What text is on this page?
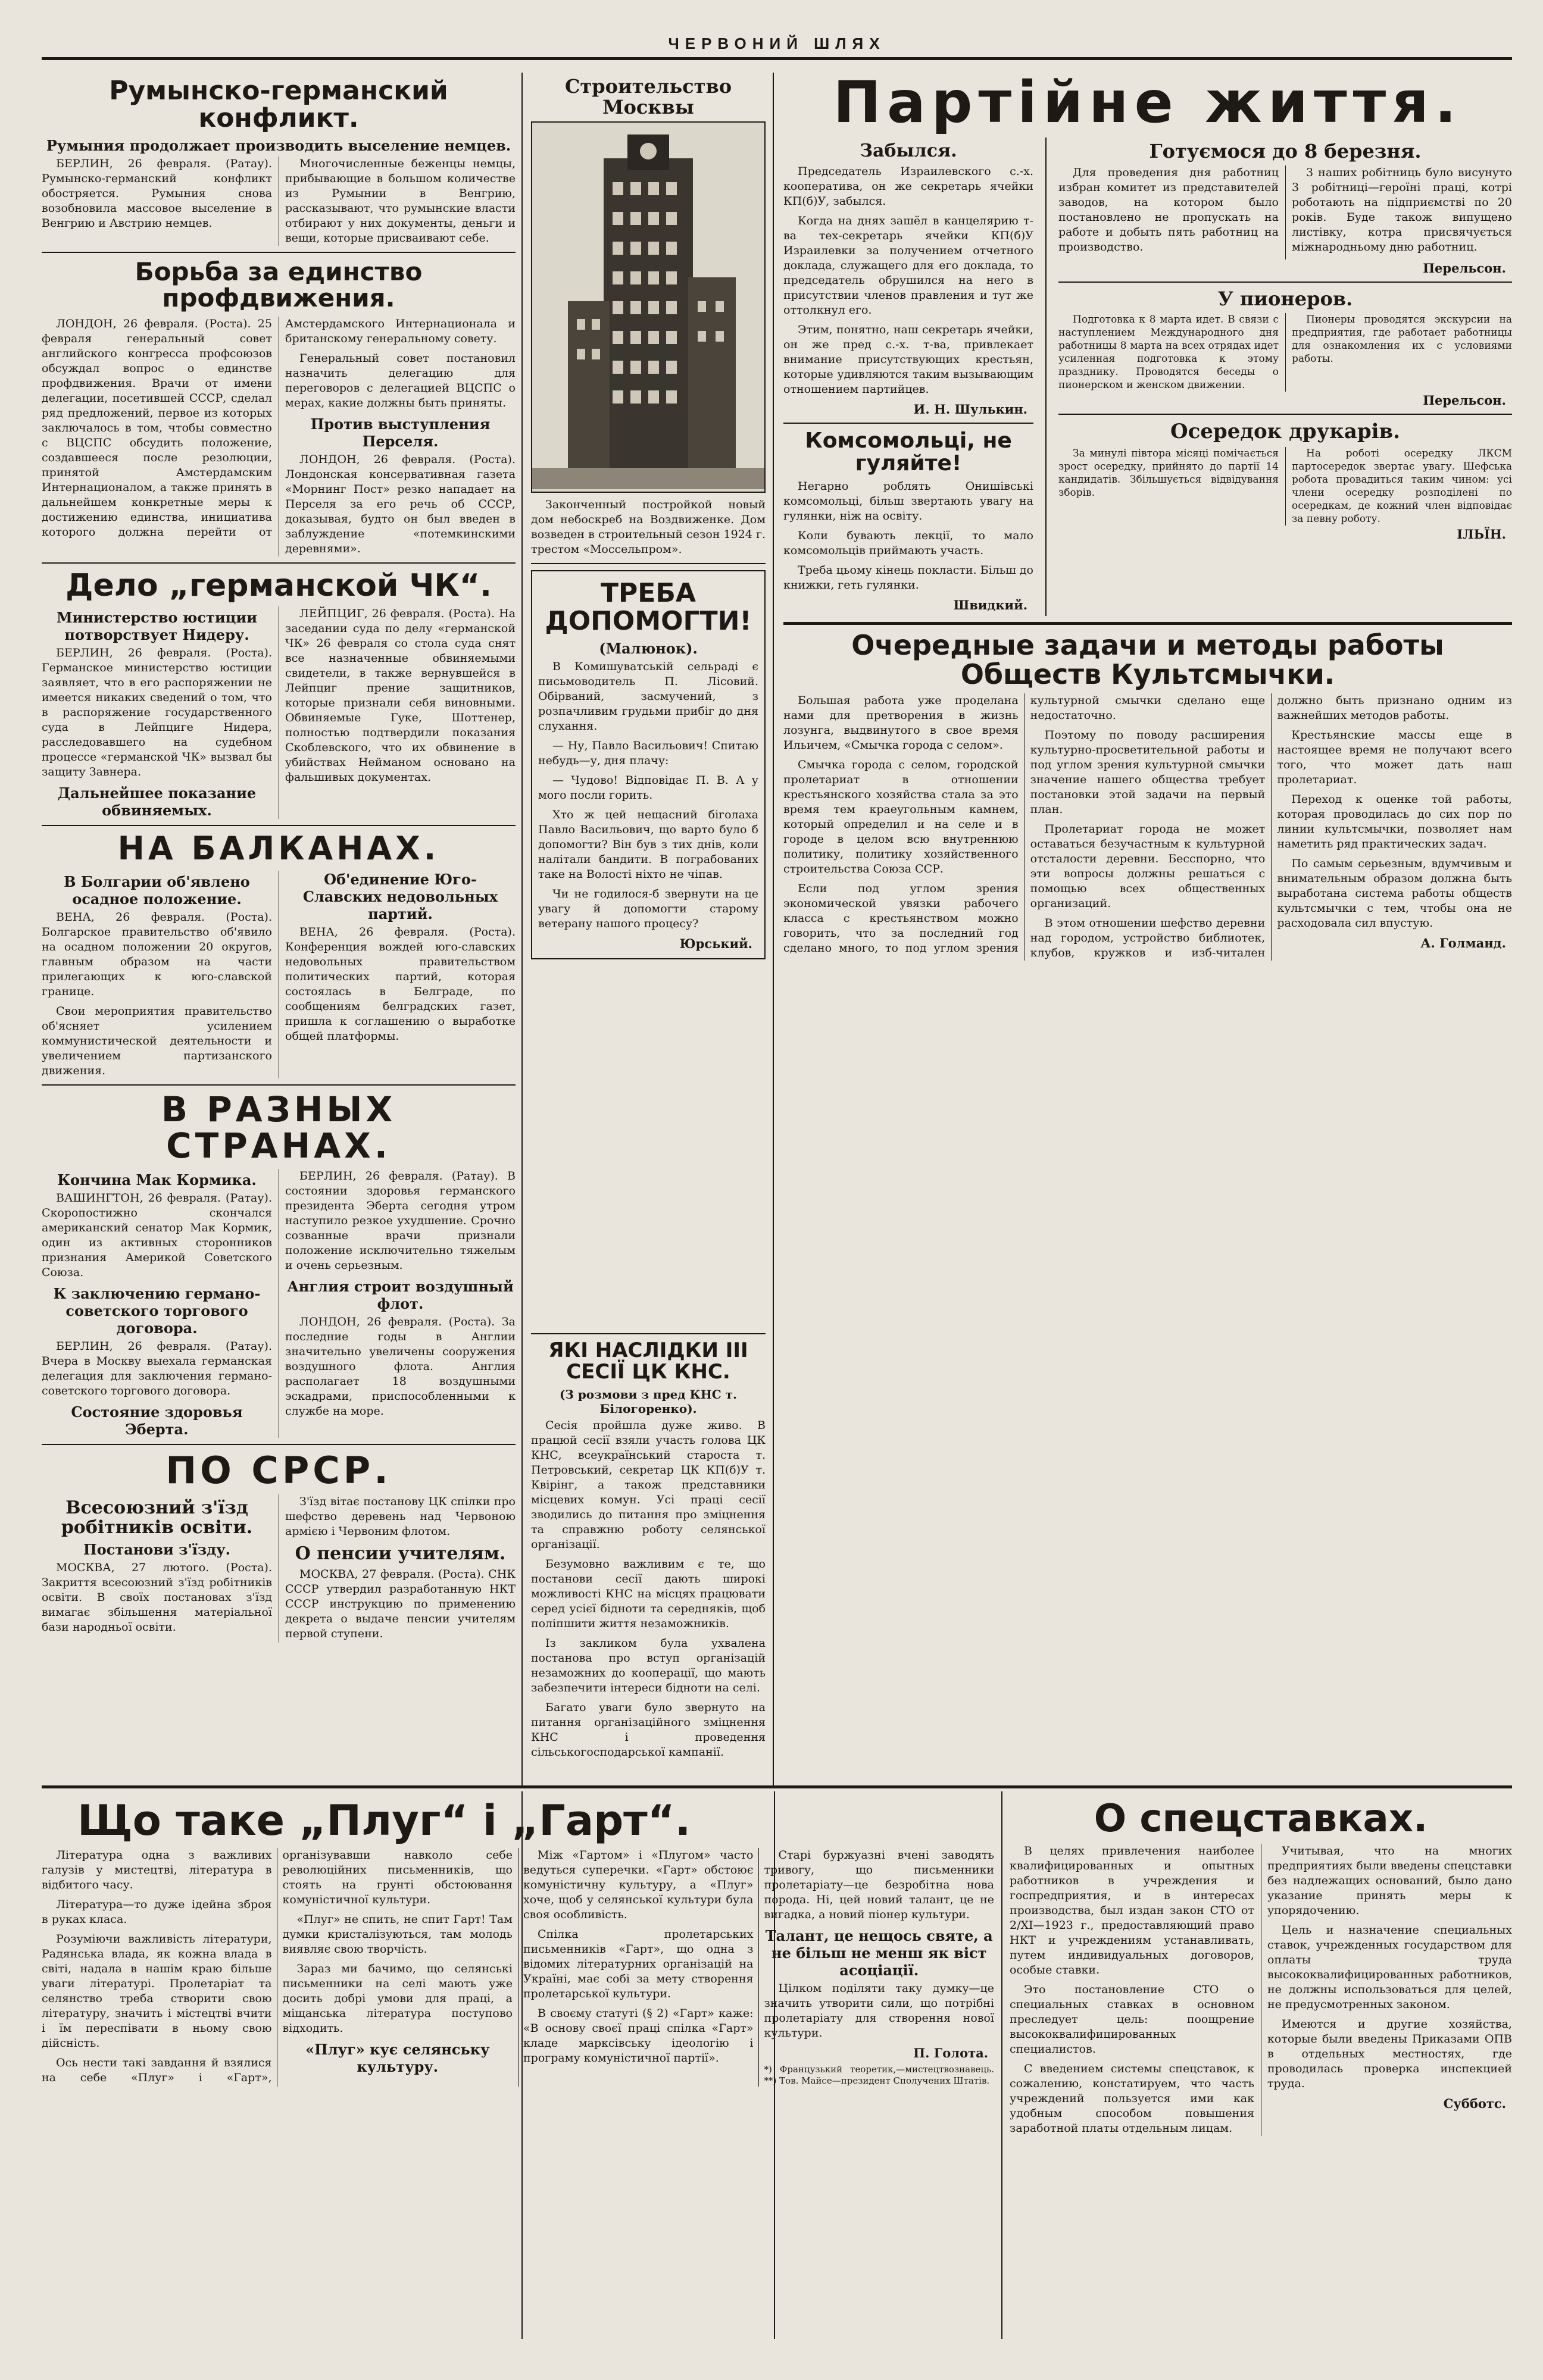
ЧЕРВОНИЙ ШЛЯХ
Румынско-германский конфликт.
Румыния продолжает производить выселение немцев.

БЕРЛИН, 26 февраля. (Ратау). Румынско-германский конфликт обостряется. Румыния снова возобновила массовое выселение в Венгрию и Австрию немцев.

Многочисленные беженцы немцы, прибывающие в большом количестве из Румынии в Венгрию, рассказывают, что румынские власти отбирают у них документы, деньги и вещи, которые присваивают себе.

Борьба за единство профдвижения.

ЛОНДОН, 26 февраля. (Роста). 25 февраля генеральный совет английского конгресса профсоюзов обсуждал вопрос о единстве профдвижения. Врачи от имени делегации, посетившей СССР, сделал ряд предложений, первое из которых заключалось в том, чтобы совместно с ВЦСПС обсудить положение, создавшееся после резолюции, принятой Амстердамским Интернационалом, а также принять в дальнейшем конкретные меры к достижению единства, инициатива которого должна перейти от Амстердамского Интернационала и британскому генеральному совету.

Генеральный совет постановил назначить делегацию для переговоров с делегацией ВЦСПС о мерах, какие должны быть приняты.

Против выступления Перселя.

ЛОНДОН, 26 февраля. (Роста). Лондонская консервативная газета «Морнинг Пост» резко нападает на Перселя за его речь об СССР, доказывая, будто он был введен в заблуждение «потемкинскими деревнями».

Дело „германской ЧК“.
Министерство юстиции потворствует Нидеру.

БЕРЛИН, 26 февраля. (Роста). Германское министерство юстиции заявляет, что в его распоряжении не имеется никаких сведений о том, что в распоряжение государственного суда в Лейпциге Нидера, расследовавшего на судебном процессе «германской ЧК» вызвал бы защиту Завнера.

Дальнейшее показание обвиняемых.

ЛЕЙПЦИГ, 26 февраля. (Роста). На заседании суда по делу «германской ЧК» 26 февраля со стола суда снят все назначенные обвиняемыми свидетели, в также вернувшейся в Лейпциг прение защитников, которые признали себя виновными. Обвиняемые Гуке, Шоттенер, полностью подтвердили показания Скоблевского, что их обвинение в убийствах Нейманом основано на фальшивых документах.

НА БАЛКАНАХ.
В Болгарии об'явлено осадное положение.

ВЕНА, 26 февраля. (Роста). Болгарское правительство об'явило на осадном положении 20 округов, главным образом на части прилегающих к юго-славской границе.

Свои мероприятия правительство об'ясняет усилением коммунистической деятельности и увеличением партизанского движения.

Об'единение Юго-Славских недовольных партий.

ВЕНА, 26 февраля. (Роста). Конференция вождей юго-славских недовольных правительством политических партий, которая состоялась в Белграде, по сообщениям белградских газет, пришла к соглашению о выработке общей платформы.

В РАЗНЫХ СТРАНАХ.
Кончина Мак Кормика.

ВАШИНГТОН, 26 февраля. (Ратау). Скоропостижно скончался американский сенатор Мак Кормик, один из активных сторонников признания Америкой Советского Союза.

К заключению германо-советского торгового договора.

БЕРЛИН, 26 февраля. (Ратау). Вчера в Москву выехала германская делегация для заключения германо-советского торгового договора.

Состояние здоровья Эберта.

БЕРЛИН, 26 февраля. (Ратау). В состоянии здоровья германского президента Эберта сегодня утром наступило резкое ухудшение. Срочно созванные врачи признали положение исключительно тяжелым и очень серьезным.

Англия строит воздушный флот.

ЛОНДОН, 26 февраля. (Роста). За последние годы в Англии значительно увеличены сооружения воздушного флота. Англия располагает 18 воздушными эскадрами, приспособленными к службе на море.

ПО СРСР.
Всесоюзний з'їзд робітників освіти.
Постанови з'їзду.

МОСКВА, 27 лютого. (Роста). Закриття всесоюзний з'їзд робітників освіти. В своїх постановах з'їзд вимагає збільшення матеріальної бази народньої освіти.

З'їзд вітає постанову ЦК спілки про шефство деревень над Червоною армією і Червоним флотом.

О пенсии учителям.

МОСКВА, 27 февраля. (Роста). СНК СССР утвердил разработанную НКТ СССР инструкцию по применению декрета о выдаче пенсии учителям первой ступени.

Строительство Москвы

Законченный постройкой новый дом небоскреб на Воздвиженке. Дом возведен в строительный сезон 1924 г. трестом «Моссельпром».

ТРЕБА ДОПОМОГТИ!
(Малюнок).

В Комишуватській сельраді є письмоводитель П. Лісовий. Обірваний, засмучений, з розпачливим грудьми прибіг до дня слухання.

— Ну, Павло Васильович! Спитаю небудь—у, дня плачу:

— Чудово! Відповідає П. В. А у мого посли горить.

Хто ж цей нещасний біголаха Павло Васильович, що варто було б допомогти? Він був з тих днів, коли налітали бандити. В пограбованих таке на Волості ніхто не чіпав.

Чи не годилося-б звернути на це увагу й допомогти старому ветерану нашого процесу?

Юрський.
Партійне життя.
Забылся.

Председатель Израилевского с.-х. кооператива, он же секретарь ячейки КП(б)У, забылся.

Когда на днях зашёл в канцелярию т-ва тех-секретарь ячейки КП(б)У Израилевки за получением отчетного доклада, служащего для его доклада, то председатель обрушился на него в присутствии членов правления и тут же оттолкнул его.

Этим, понятно, наш секретарь ячейки, он же пред с.-х. т-ва, привлекает внимание присутствующих крестьян, которые удивляются таким вызывающим отношением партийцев.

И. Н. Шулькин.
Комсомольці, не гуляйте!

Негарно роблять Онишівські комсомольці, більш звертають увагу на гулянки, ніж на освіту.

Коли бувають лекції, то мало комсомольців приймають участь.

Треба цьому кінець покласти. Більш до книжки, геть гулянки.

Швидкий.
Готуємося до 8 березня.

Для проведения дня работниц избран комитет из представителей заводов, на котором было постановлено не пропускать на работе и добыть пять работниц на производство.

3 наших робітниць було висунуто 3 робітниці—героїні праці, котрі роботають на підприємстві по 20 років. Буде також випущено листівку, котра присвячується міжнародньому дню работниц.

Перельсон.
У пионеров.

Подготовка к 8 марта идет. В связи с наступлением Международного дня работницы 8 марта на всех отрядах идет усиленная подготовка к этому празднику. Проводятся беседы о пионерском и женском движении.

Пионеры проводятся экскурсии на предприятия, где работает работницы для ознакомления их с условиями работы.

Перельсон.
Осередок друкарів.

За минулі півтора місяці помічається зрост осередку, прийнято до партії 14 кандидатів. Збільшується відвідування зборів.

На роботі осередку ЛКСМ партосередок звертає увагу. Шефська робота провадиться таким чином: усі члени осередку розподілені по осередкам, де кожний член відповідає за певну роботу.

ІЛЬЇН.
Очередные задачи и методы работы Обществ Культсмычки.

Большая работа уже проделана нами для претворения в жизнь лозунга, выдвинутого в свое время Ильичем, «Смычка города с селом».

Смычка города с селом, городской пролетариат в отношении крестьянского хозяйства стала за это время тем краеугольным камнем, который определил и на селе и в городе в целом всю внутреннюю политику, политику хозяйственного строительства Союза ССР.

Если под углом зрения экономической увязки рабочего класса с крестьянством можно говорить, что за последний год сделано много, то под углом зрения культурной смычки сделано еще недостаточно.

Поэтому по поводу расширения культурно-просветительной работы и под углом зрения культурной смычки значение нашего общества требует постановки этой задачи на первый план.

Пролетариат города не может оставаться безучастным к культурной отсталости деревни. Бесспорно, что эти вопросы должны решаться с помощью всех общественных организаций.

В этом отношении шефство деревни над городом, устройство библиотек, клубов, кружков и изб-читален должно быть признано одним из важнейших методов работы.

Крестьянские массы еще в настоящее время не получают всего того, что может дать наш пролетариат.

Переход к оценке той работы, которая проводилась до сих пор по линии культсмычки, позволяет нам наметить ряд практических задач.

По самым серьезным, вдумчивым и внимательным образом должна быть выработана система работы обществ культсмычки с тем, чтобы она не расходовала сил впустую.

А. Голманд.
ЯКІ НАСЛІДКИ III СЕСІЇ ЦК КНС.
(З розмови з пред КНС т. Білогоренко).

Сесія пройшла дуже живо. В працюй сесії взяли участь голова ЦК КНС, всеукраїнський староста т. Петровський, секретар ЦК КП(б)У т. Квірінг, а також представники місцевих комун. Усі праці сесії зводились до питання про зміцнення та справжню роботу селянської організації.

Безумовно важливим є те, що постанови сесії дають широкі можливості КНС на місцях працювати серед усієї бідноти та середняків, щоб поліпшити життя незаможників.

Із закликом була ухвалена постанова про вступ організацій незаможних до кооперації, що мають забезпечити інтереси бідноти на селі.

Багато уваги було звернуто на питання організаційного зміцнення КНС і проведення сільськогосподарської кампанії.

Що таке „Плуг“ і „Гарт“.

Література одна з важливих галузів у мистецтві, література в відбитого часу.

Література—то дуже ідейна зброя в руках класа.

Розуміючи важливість літератури, Радянська влада, як кожна влада в світі, надала в нашім краю більше уваги літературі. Пролетаріат та селянство треба створити свою літературу, значить і містецтві вчити і їм переспівати в ньому свою дійсність.

Ось нести такі завдання й взялися на себе «Плуг» і «Гарт», організувавши навколо себе революційних письменників, що стоять на грунті обстоювання комуністичної культури.

«Плуг» не спить, не спит Гарт! Там думки кристалізуються, там молодь виявляє свою творчість.

Зараз ми бачимо, що селянські письменники на селі мають уже досить добрі умови для праці, а міщанська література поступово відходить.

«Плуг» кує селянську культуру.

Між «Гартом» і «Плугом» часто ведуться суперечки. «Гарт» обстоює комуністичну культуру, а «Плуг» хоче, щоб у селянської культури була своя особливість.

Спілка пролетарських письменників «Гарт», що одна з відомих літературних організацій на Україні, має собі за мету створення пролетарської культури.

В своєму статуті (§ 2) «Гарт» каже: «В основу своєї праці спілка «Гарт» кладе марксівську ідеологію і програму комуністичної партії».

Старі буржуазні вчені заводять тривогу, що письменники пролетаріату—це безробітна нова порода. Ні, цей новий талант, це не вигадка, а новий піонер культури.

Талант, це нещось святе, а не більш не менш як віст асоціації.

Цілком поділяти таку думку—це значить утворити сили, що потрібні пролетаріату для створення нової культури.

П. Голота.

*) Французький теоретик,—мистецтвознавець. **) Тов. Майсе—президент Сполучених Штатів.

О спецставках.

В целях привлечения наиболее квалифицированных и опытных работников в учреждения и госпредприятия, и в интересах производства, был издан закон СТО от 2/XI—1923 г., предоставляющий право НКТ и учреждениям устанавливать, путем индивидуальных договоров, особые ставки.

Это постановление СТО о специальных ставках в основном преследует цель: поощрение высококвалифицированных специалистов.

С введением системы спецставок, к сожалению, констатируем, что часть учреждений пользуется ими как удобным способом повышения заработной платы отдельным лицам.

Учитывая, что на многих предприятиях были введены спецставки без надлежащих оснований, было дано указание принять меры к упорядочению.

Цель и назначение специальных ставок, учрежденных государством для оплаты труда высококвалифицированных работников, не должны использоваться для целей, не предусмотренных законом.

Имеются и другие хозяйства, которые были введены Приказами ОПВ в отдельных местностях, где проводилась проверка инспекцией труда.

Субботс.
